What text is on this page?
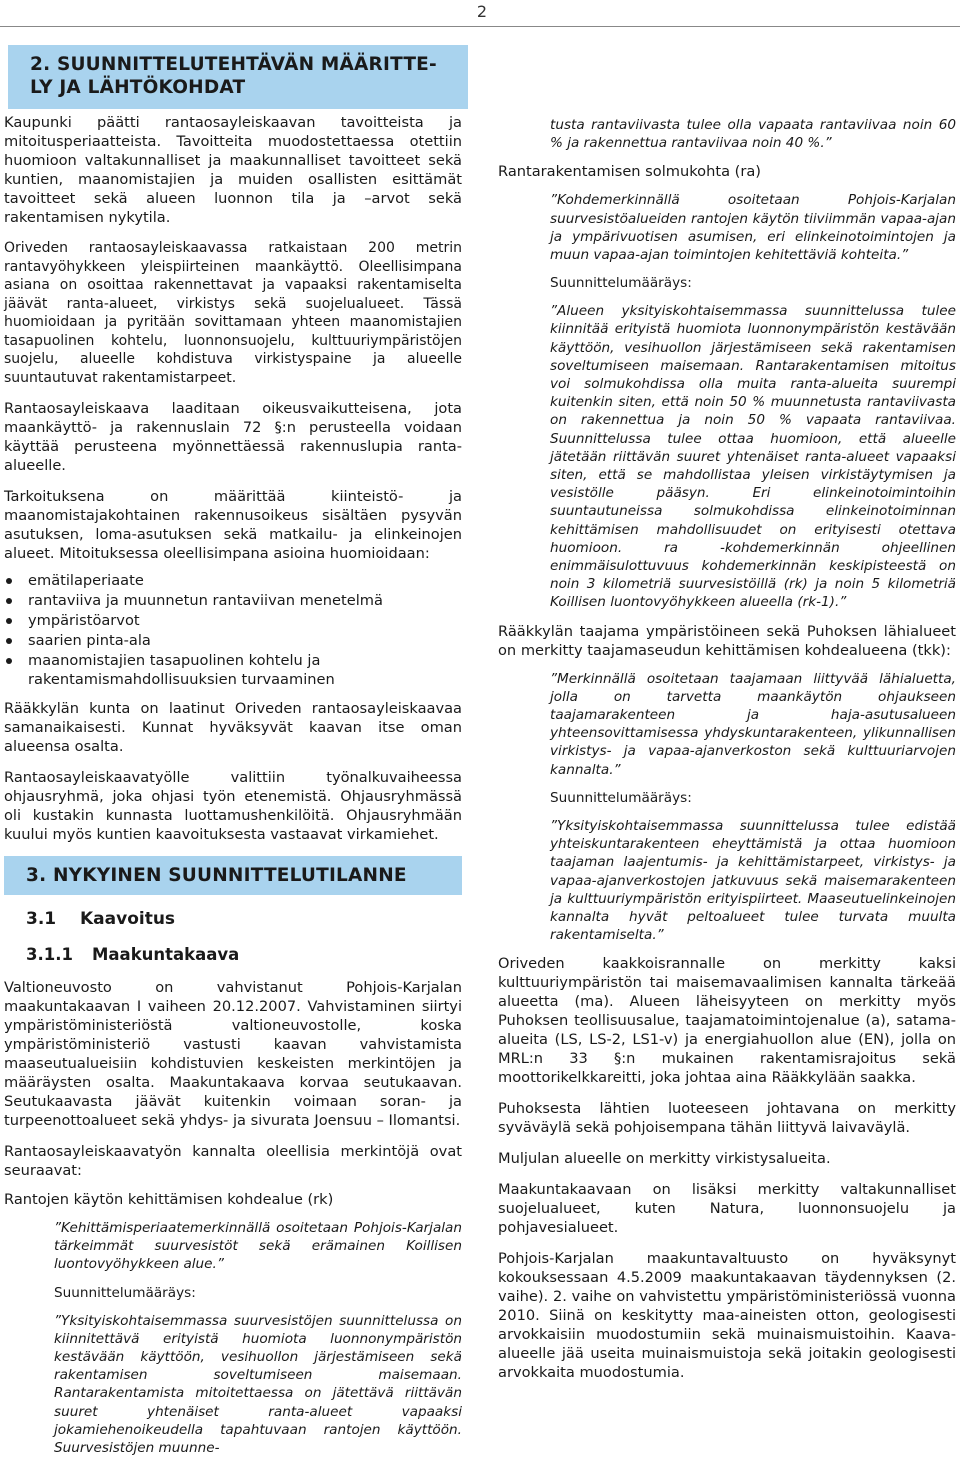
2
2. SUUNNITTELUTEHTÄVÄN MÄÄRITTE-
LY JA LÄHTÖKOHDAT

Kaupunki päätti rantaosayleiskaavan tavoitteista ja mitoitusperiaatteista. Tavoitteita muodostettaessa otettiin huomioon valtakunnalliset ja maakunnalliset tavoitteet sekä kuntien, maanomistajien ja muiden osallisten esittämät tavoitteet sekä alueen luonnon tila ja –arvot sekä rakentamisen nykytila.

Oriveden rantaosayleiskaavassa ratkaistaan 200 metrin rantavyöhykkeen yleispiirteinen maankäyttö. Oleellisimpana asiana on osoittaa rakennettavat ja vapaaksi rakentamiselta jäävät ranta-alueet, virkistys sekä suojelualueet. Tässä huomioidaan ja pyritään sovittamaan yhteen maanomistajien tasapuolinen kohtelu, luonnonsuojelu, kulttuuriympäristöjen suojelu, alueelle kohdistuva virkistyspaine ja alueelle suuntautuvat rakentamistarpeet.

Rantaosayleiskaava laaditaan oikeusvaikutteisena, jota maankäyttö- ja rakennuslain 72 §:n perusteella voidaan käyttää perusteena myönnettäessä rakennuslupia ranta-alueelle.

Tarkoituksena on määrittää kiinteistö- ja maanomistajakohtainen rakennusoikeus sisältäen pysyvän asutuksen, loma-asutuksen sekä matkailu- ja elinkeinojen alueet. Mitoituksessa oleellisimpana asioina huomioidaan:

emätilaperiaate
rantaviiva ja muunnetun rantaviivan menetelmä
ympäristöarvot
saarien pinta-ala
maanomistajien tasapuolinen kohtelu ja rakentamismahdollisuuksien turvaaminen

Rääkkylän kunta on laatinut Oriveden rantaosayleiskaavaa samanaikaisesti. Kunnat hyväksyvät kaavan itse oman alueensa osalta.

Rantaosayleiskaavatyölle valittiin työnalkuvaiheessa ohjausryhmä, joka ohjasi työn etenemistä. Ohjausryhmässä oli kustakin kunnasta luottamushenkilöitä. Ohjausryhmään kuului myös kuntien kaavoituksesta vastaavat virkamiehet.

3. NYKYINEN SUUNNITTELUTILANNE
3.1 Kaavoitus
3.1.1 Maakuntakaava

Valtioneuvosto on vahvistanut Pohjois-Karjalan maakuntakaavan I vaiheen 20.12.2007. Vahvistaminen siirtyi ympäristöministeriöstä valtioneuvostolle, koska ympäristöministeriö vastusti kaavan vahvistamista maaseutualueisiin kohdistuvien keskeisten merkintöjen ja määräysten osalta. Maakuntakaava korvaa seutukaavan. Seutukaavasta jäävät kuitenkin voimaan soran- ja turpeenottoalueet sekä yhdys- ja sivurata Joensuu – Ilomantsi.

Rantaosayleiskaavatyön kannalta oleellisia merkintöjä ovat seuraavat:

Rantojen käytön kehittämisen kohdealue (rk)

”Kehittämisperiaatemerkinnällä osoitetaan Pohjois-Karjalan tärkeimmät suurvesistöt sekä erämainen Koillisen luontovyöhykkeen alue.”

Suunnittelumääräys:

”Yksityiskohtaisemmassa suurvesistöjen suunnittelussa on kiinnitettävä erityistä huomiota luonnonympäristön kestävään käyttöön, vesihuollon järjestämiseen sekä rakentamisen soveltumiseen maisemaan. Rantarakentamista mitoitettaessa on jätettävä riittävän suuret yhtenäiset ranta-alueet vapaaksi jokamiehenoikeudella tapahtuvaan rantojen käyttöön. Suurvesistöjen muunne-

tusta rantaviivasta tulee olla vapaata rantaviivaa noin 60 % ja rakennettua rantaviivaa noin 40 %.”

Rantarakentamisen solmukohta (ra)

”Kohdemerkinnällä osoitetaan Pohjois-Karjalan suurvesistöalueiden rantojen käytön tiiviimmän vapaa-ajan ja ympärivuotisen asumisen, eri elinkeinotoimintojen ja muun vapaa-ajan toimintojen kehitettäviä kohteita.”

Suunnittelumääräys:

”Alueen yksityiskohtaisemmassa suunnittelussa tulee kiinnitää erityistä huomiota luonnonympäristön kestävään käyttöön, vesihuollon järjestämiseen sekä rakentamisen soveltumiseen maisemaan. Rantarakentamisen mitoitus voi solmukohdissa olla muita ranta-alueita suurempi kuitenkin siten, että noin 50 % muunnetusta rantaviivasta on rakennettua ja noin 50 % vapaata rantaviivaa. Suunnittelussa tulee ottaa huomioon, että alueelle jätetään riittävän suuret yhtenäiset ranta-alueet vapaaksi siten, että se mahdollistaa yleisen virkistäytymisen ja vesistölle pääsyn. Eri elinkeinotoimintoihin suuntautuneissa solmukohdissa elinkeinotoiminnan kehittämisen mahdollisuudet on erityisesti otettava huomioon. ra -kohdemerkinnän ohjeellinen enimmäisulottuvuus kohdemerkinnän keskipisteestä on noin 3 kilometriä suurvesistöillä (rk) ja noin 5 kilometriä Koillisen luontovyöhykkeen alueella (rk-1).”

Rääkkylän taajama ympäristöineen sekä Puhoksen lähialueet on merkitty taajamaseudun kehittämisen kohdealueena (tkk):

”Merkinnällä osoitetaan taajamaan liittyvää lähialuetta, jolla on tarvetta maankäytön ohjaukseen taajamarakenteen ja haja-asutusalueen yhteensovittamisessa yhdyskuntarakenteen, ylikunnallisen virkistys- ja vapaa-ajanverkoston sekä kulttuuriarvojen kannalta.”

Suunnittelumääräys:

”Yksityiskohtaisemmassa suunnittelussa tulee edistää yhteiskuntarakenteen eheyttämistä ja ottaa huomioon taajaman laajentumis- ja kehittämistarpeet, virkistys- ja vapaa-ajanverkostojen jatkuvuus sekä maisemarakenteen ja kulttuuriympäristön erityispiirteet. Maaseutuelinkeinojen kannalta hyvät peltoalueet tulee turvata muulta rakentamiselta.”

Oriveden kaakkoisrannalle on merkitty kaksi kulttuuriympäristön tai maisemavaalimisen kannalta tärkeää alueetta (ma). Alueen läheisyyteen on merkitty myös Puhoksen teollisuusalue, taajamatoimintojenalue (a), satama-alueita (LS, LS-2, LS1-v) ja energiahuollon alue (EN), jolla on MRL:n 33 §:n mukainen rakentamisrajoitus sekä moottorikelkkareitti, joka johtaa aina Rääkkylään saakka.

Puhoksesta lähtien luoteeseen johtavana on merkitty syväväylä sekä pohjoisempana tähän liittyvä laivaväylä.

Muljulan alueelle on merkitty virkistysalueita.

Maakuntakaavaan on lisäksi merkitty valtakunnalliset suojelualueet, kuten Natura, luonnonsuojelu ja pohjavesialueet.

Pohjois-Karjalan maakuntavaltuusto on hyväksynyt kokouksessaan 4.5.2009 maakuntakaavan täydennyksen (2. vaihe). 2. vaihe on vahvistettu ympäristöministeriössä vuonna 2010. Siinä on keskitytty maa-aineisten otton, geologisesti arvokkaisiin muodostumiin sekä muinaismuistoihin. Kaava-alueelle jää useita muinaismuistoja sekä joitakin geologisesti arvokkaita muodostumia.
